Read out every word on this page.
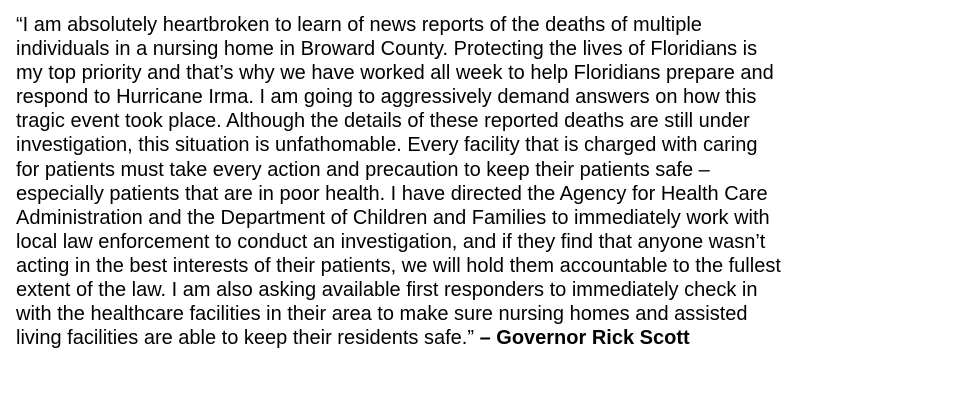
“I am absolutely heartbroken to learn of news reports of the deaths of multiple
individuals in a nursing home in Broward County. Protecting the lives of Floridians is
my top priority and that’s why we have worked all week to help Floridians prepare and
respond to Hurricane Irma. I am going to aggressively demand answers on how this
tragic event took place. Although the details of these reported deaths are still under
investigation, this situation is unfathomable. Every facility that is charged with caring
for patients must take every action and precaution to keep their patients safe –
especially patients that are in poor health. I have directed the Agency for Health Care
Administration and the Department of Children and Families to immediately work with
local law enforcement to conduct an investigation, and if they find that anyone wasn’t
acting in the best interests of their patients, we will hold them accountable to the fullest
extent of the law. I am also asking available first responders to immediately check in
with the healthcare facilities in their area to make sure nursing homes and assisted
living facilities are able to keep their residents safe.” – Governor Rick Scott
